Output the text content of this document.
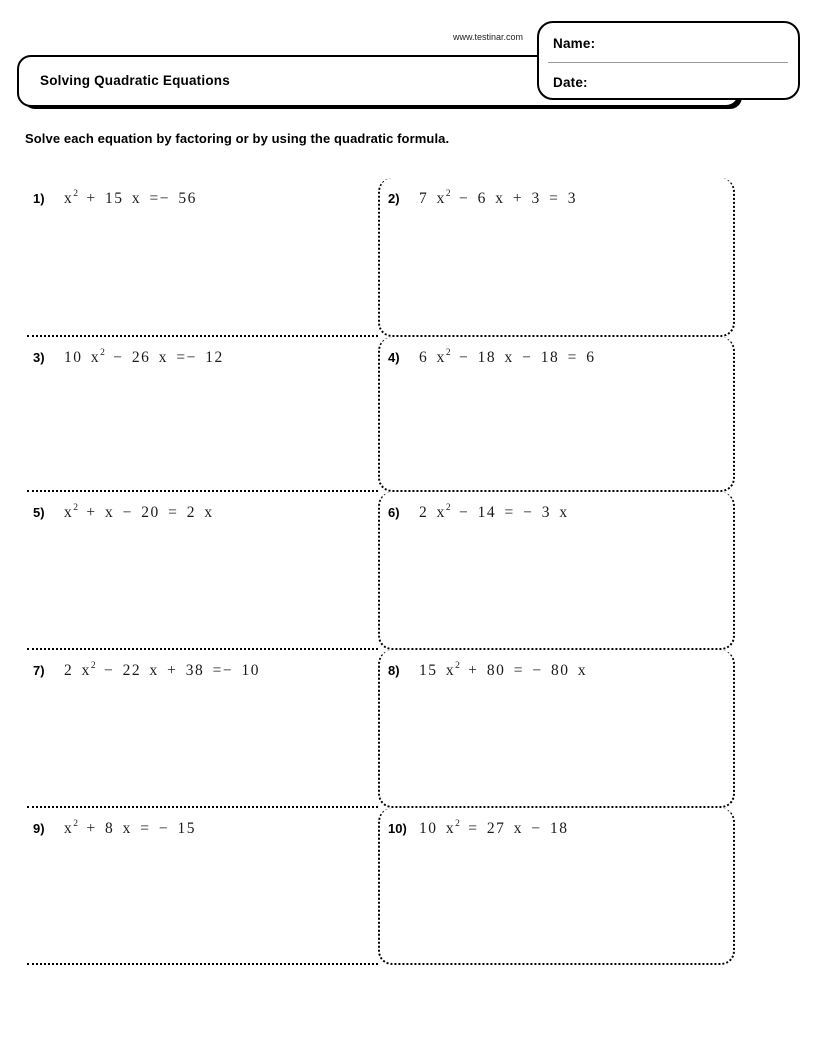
www.testinar.com
Solving Quadratic Equations
Name:
Date:
Solve each equation by factoring or by using the quadratic formula.
1)	$x^2 + 15$ x =− 56	2)	7 $x^2 - 6$ x + 3 = 3
3)	10 $x^2 - 26$ x =− 12	4)	6 $x^2 - 18$ x − 18 = 6
5)	$x^2 + x - 20 = 2$ x	6)	2 $x^2 - 14$ = − 3 x
7)	2 $x^2 - 22$ x + 38 =− 10	8)	15 $x^2 + 80$ = − 80 x
9)	$x^2 + 8$ x = − 15	10) 10 $x^2 = 27$ x − 18
